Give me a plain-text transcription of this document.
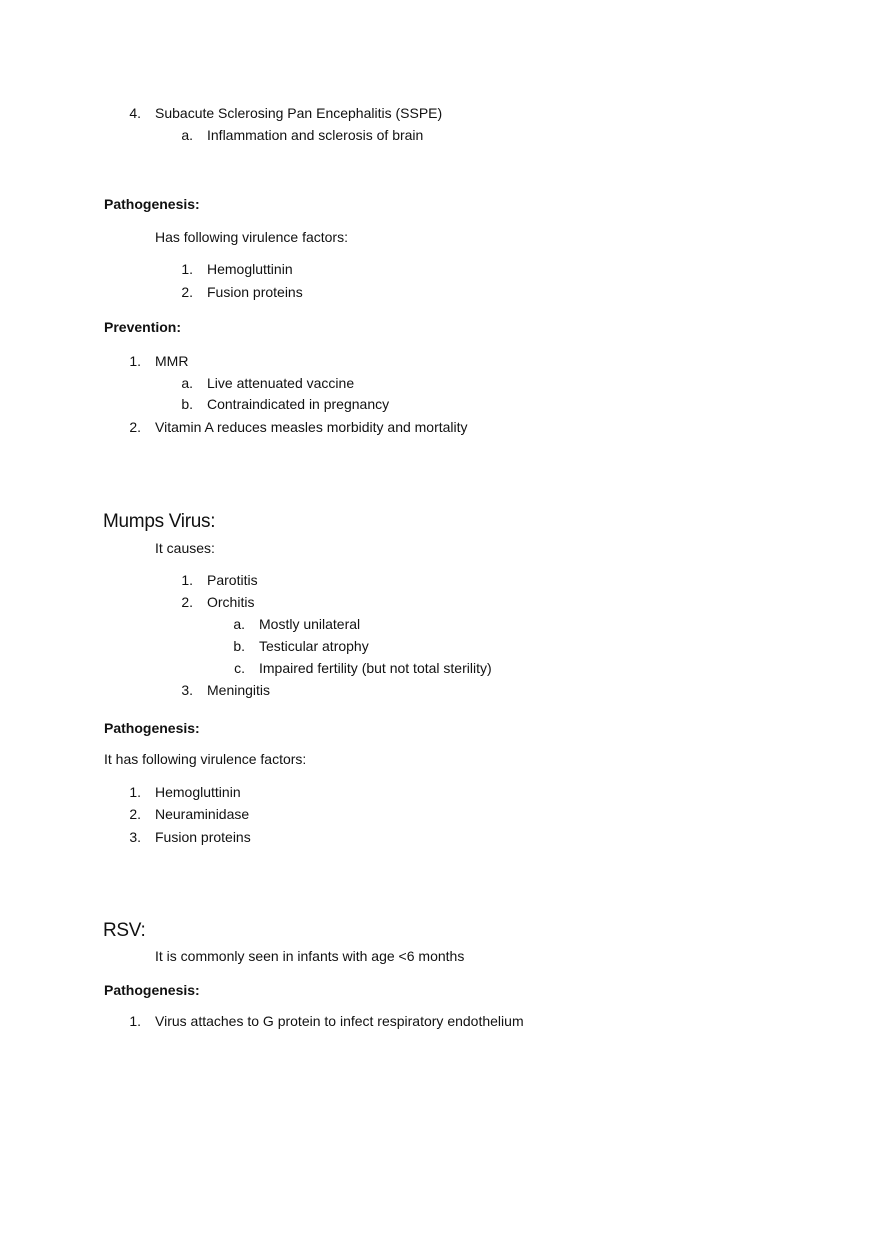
4. Subacute Sclerosing Pan Encephalitis (SSPE)
a. Inflammation and sclerosis of brain
Pathogenesis:
Has following virulence factors:
1. Hemogluttinin
2. Fusion proteins
Prevention:
1. MMR
a. Live attenuated vaccine
b. Contraindicated in pregnancy
2. Vitamin A reduces measles morbidity and mortality
Mumps Virus:
It causes:
1. Parotitis
2. Orchitis
a. Mostly unilateral
b. Testicular atrophy
c. Impaired fertility (but not total sterility)
3. Meningitis
Pathogenesis:
It has following virulence factors:
1. Hemogluttinin
2. Neuraminidase
3. Fusion proteins
RSV:
It is commonly seen in infants with age <6 months
Pathogenesis:
1. Virus attaches to G protein to infect respiratory endothelium
